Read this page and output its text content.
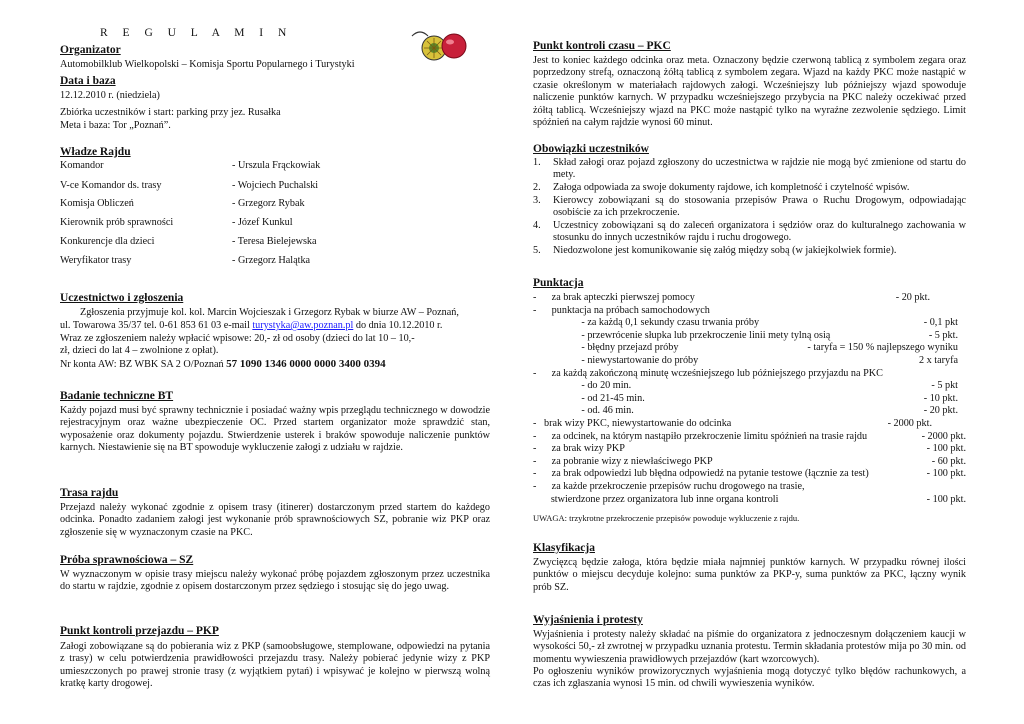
R E G U L A M I N
Organizator
Automobilklub Wielkopolski – Komisja Sportu Popularnego i Turystyki
Data i baza
12.12.2010 r. (niedziela)
Zbiórka uczestników i start: parking przy jez. Rusałka
Meta i baza: Tor „Poznań”.
Władze Rajdu
Komandor	- Urszula Frąckowiak
V-ce Komandor ds. trasy	- Wojciech Puchalski
Komisja Obliczeń	- Grzegorz Rybak
Kierownik prób sprawności	- Józef Kunkul
Konkurencje dla dzieci	- Teresa Bielejewska
Weryfikator trasy	- Grzegorz Halątka
Uczestnictwo i zgłoszenia
Zgłoszenia przyjmuje kol. kol. Marcin Wojcieszak i Grzegorz Rybak w biurze AW – Poznań,
ul. Towarowa 35/37 tel. 0-61 853 61 03 e-mail turystyka@aw.poznan.pl do dnia 10.12.2010 r.
Wraz ze zgłoszeniem należy wpłacić wpisowe: 20,- zł od osoby (dzieci do lat 10 – 10,-
zł, dzieci do lat 4 – zwolnione z opłat).
Nr konta AW: BZ WBK SA 2 O/Poznań 57 1090 1346 0000 0000 3400 0394
Badanie techniczne BT
Każdy pojazd musi być sprawny technicznie i posiadać ważny wpis przeglądu technicznego w dowodzie rejestracyjnym oraz ważne ubezpieczenie OC. Przed startem organizator może sprawdzić stan, wyposażenie oraz dokumenty pojazdu. Stwierdzenie usterek i braków spowoduje naliczenie punktów karnych. Niestawienie się na BT spowoduje wykluczenie załogi z udziału w rajdzie.
Trasa rajdu
Przejazd należy wykonać zgodnie z opisem trasy (itinerer) dostarczonym przed startem do każdego odcinka. Ponadto zadaniem załogi jest wykonanie prób sprawnościowych SZ, pobranie wiz PKP oraz zgłoszenie się w wyznaczonym czasie na PKC.
Próba sprawnościowa – SZ
W wyznaczonym w opisie trasy miejscu należy wykonać próbę pojazdem zgłoszonym przez uczestnika do startu w rajdzie, zgodnie z opisem dostarczonym przez sędziego i stosując się do jego uwag.
Punkt kontroli przejazdu – PKP
Załogi zobowiązane są do pobierania wiz z PKP (samoobsługowe, stemplowane, odpowiedzi na pytania z trasy) w celu potwierdzenia prawidłowości przejazdu trasy. Należy pobierać jedynie wizy z PKP umieszczonych po prawej stronie trasy (z wyjątkiem pytań) i wpisywać je kolejno w pierwszą wolną kratkę karty drogowej.
Punkt kontroli czasu – PKC
Jest to koniec każdego odcinka oraz meta. Oznaczony będzie czerwoną tablicą z symbolem zegara oraz poprzedzony strefą, oznaczoną żółtą tablicą z symbolem zegara. Wjazd na każdy PKC może nastąpić w czasie określonym w materiałach rajdowych załogi. Wcześniejszy lub późniejszy wjazd spowoduje naliczenie punktów karnych. W przypadku wcześniejszego przybycia na PKC należy oczekiwać przed żółtą tablicą. Wcześniejszy wjazd na PKC może nastąpić tylko na wyraźne zezwolenie sędziego. Limit spóźnień na całym rajdzie wynosi 60 minut.
Obowiązki uczestników
1. Skład załogi oraz pojazd zgłoszony do uczestnictwa w rajdzie nie mogą być zmienione od startu do mety.
2. Załoga odpowiada za swoje dokumenty rajdowe, ich kompletność i czytelność wpisów.
3. Kierowcy zobowiązani są do stosowania przepisów Prawa o Ruchu Drogowym, odpowiadając osobiście za ich przekroczenie.
4. Uczestnicy zobowiązani są do zaleceń organizatora i sędziów oraz do kulturalnego zachowania w stosunku do innych uczestników rajdu i ruchu drogowego.
5. Niedozwolone jest komunikowanie się załóg między sobą (w jakiejkolwiek formie).
Punktacja
-      za brak apteczki pierwszej pomocy	- 20 pkt.
-      punktacja na próbach samochodowych
- za każdą 0,1 sekundy czasu trwania próby	- 0,1 pkt
- przewrócenie słupka lub przekroczenie linii mety tylną osią	- 5 pkt.
- błędny przejazd próby	- taryfa = 150 % najlepszego wyniku
- niewystartowanie do próby	2 x taryfa
-      za każdą zakończoną minutę wcześniejszego lub późniejszego przyjazdu na PKC
- do 20 min.	- 5 pkt
- od 21-45 min.	- 10 pkt.
- od. 46 min.	- 20 pkt.
-   brak wizy PKC, niewystartowanie do odcinka	- 2000 pkt.
-      za odcinek, na którym nastąpiło przekroczenie limitu spóźnień na trasie rajdu	- 2000 pkt.
-      za brak wizy PKP	- 100 pkt.
-      za pobranie wizy z niewłaściwego PKP	- 60 pkt.
-      za brak odpowiedzi lub błędna odpowiedź na pytanie testowe (łącznie za test)	- 100 pkt.
-      za każde przekroczenie przepisów ruchu drogowego na trasie,
stwierdzone przez organizatora lub inne organa kontroli	- 100 pkt.
UWAGA: trzykrotne przekroczenie przepisów powoduje wykluczenie z rajdu.
Klasyfikacja
Zwycięzcą będzie załoga, która będzie miała najmniej punktów karnych. W przypadku równej ilości punktów o miejscu decyduje kolejno: suma punktów za PKP-y, suma punktów za PKC, łączny wynik prób SZ.
Wyjaśnienia i protesty
Wyjaśnienia i protesty należy składać na piśmie do organizatora z jednoczesnym dołączeniem kaucji w wysokości 50,- zł zwrotnej w przypadku uznania protestu. Termin składania protestów mija po 30 min. od momentu wywieszenia prawidłowych przejazdów (kart wzorcowych).
Po ogłoszeniu wyników prowizorycznych wyjaśnienia mogą dotyczyć tylko błędów rachunkowych, a czas ich zgłaszania wynosi 15 min. od chwili wywieszenia wyników.
